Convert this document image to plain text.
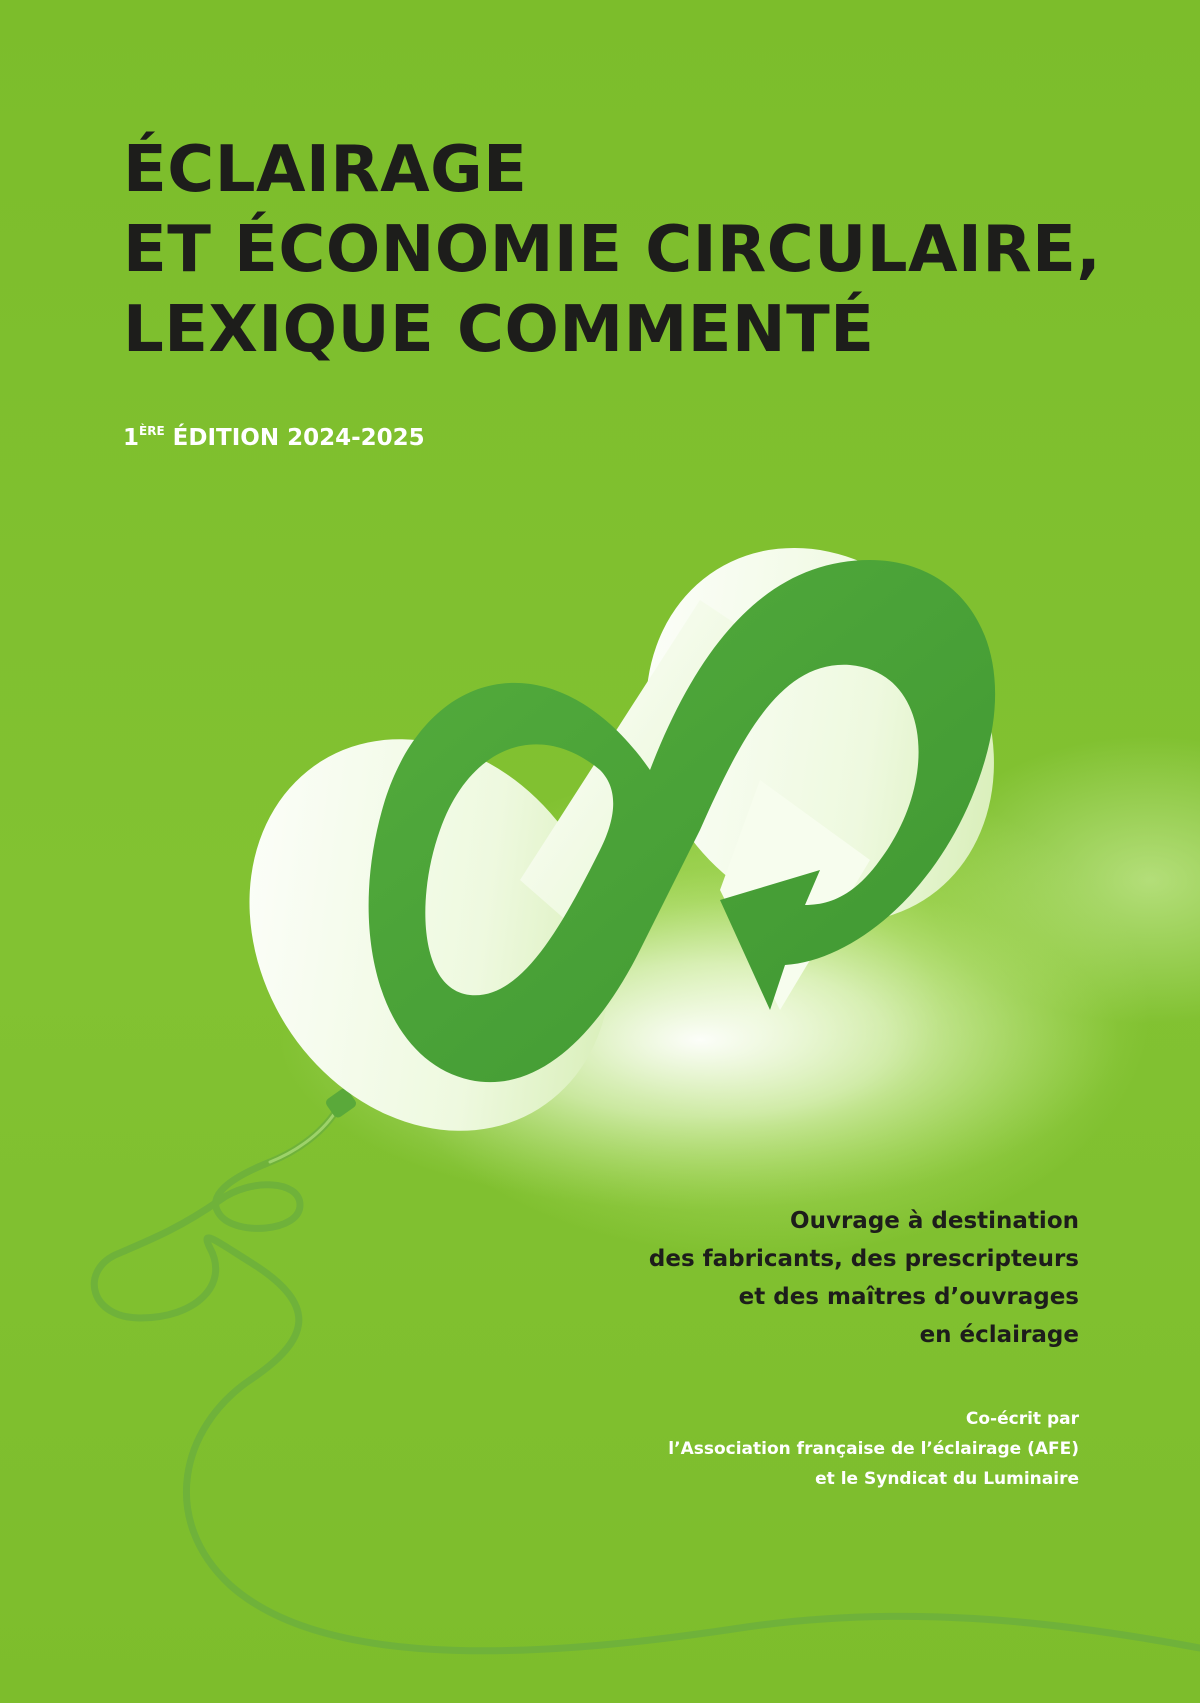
ÉCLAIRAGE
ET ÉCONOMIE CIRCULAIRE,
LEXIQUE COMMENTÉ
1ÈRE ÉDITION 2024-2025
Ouvrage à destination
des fabricants, des prescripteurs
et des maîtres d’ouvrages
en éclairage
Co-écrit par
l’Association française de l’éclairage (AFE)
et le Syndicat du Luminaire
